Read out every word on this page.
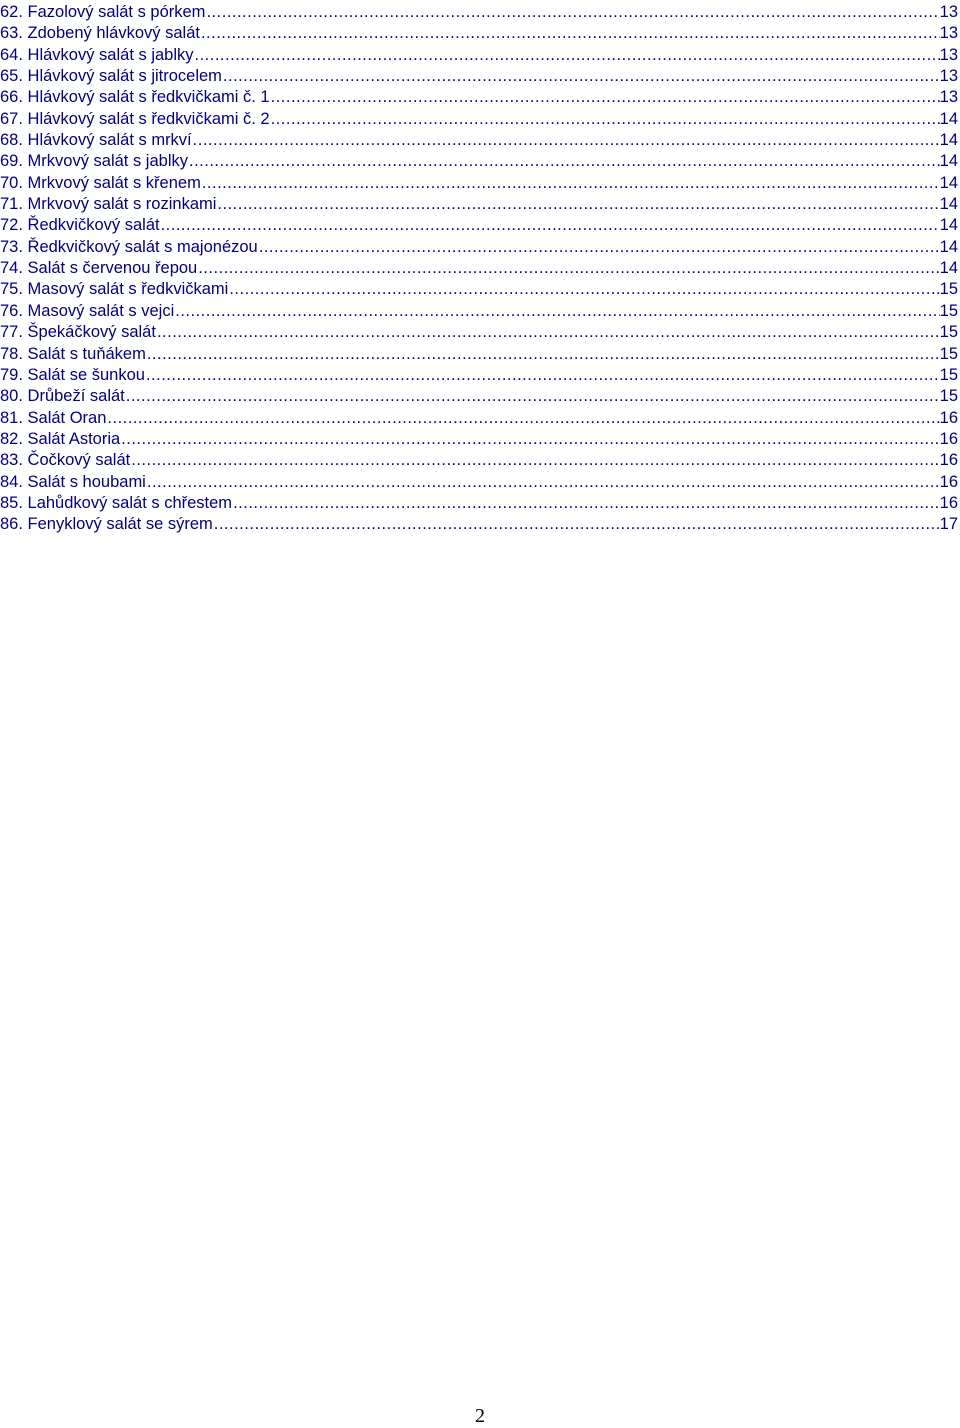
62.
Fazolový salát s pórkem .....	13
63.
Zdobený hlávkový salát .....	13
64.
Hlávkový salát s jablky .....	13
65.
Hlávkový salát s jitrocelem .....	13
66.
Hlávkový salát s ředkvičkami č. 1 .....	13
67.
Hlávkový salát s ředkvičkami č. 2 .....	14
68.
Hlávkový salát s mrkví .....	14
69.
Mrkvový salát s jablky .....	14
70.
Mrkvový salát s křenem .....	14
71.
Mrkvový salát s rozinkami .....	14
72.
Ředkvičkový salát .....	14
73.
Ředkvičkový salát s majonézou .....	14
74.
Salát s červenou řepou .....	14
75.
Masový salát s ředkvičkami .....	15
76.
Masový salát s vejci .....	15
77.
Špekáčkový salát .....	15
78.
Salát s tuňákem .....	15
79.
Salát se šunkou .....	15
80.
Drůbeží salát .....	15
81.
Salát Oran .....	16
82.
Salát Astoria .....	16
83.
Čočkový salát .....	16
84.
Salát s houbami .....	16
85.
Lahůdkový salát s chřestem .....	16
86.
Fenyklový salát se sýrem .....	17
2
